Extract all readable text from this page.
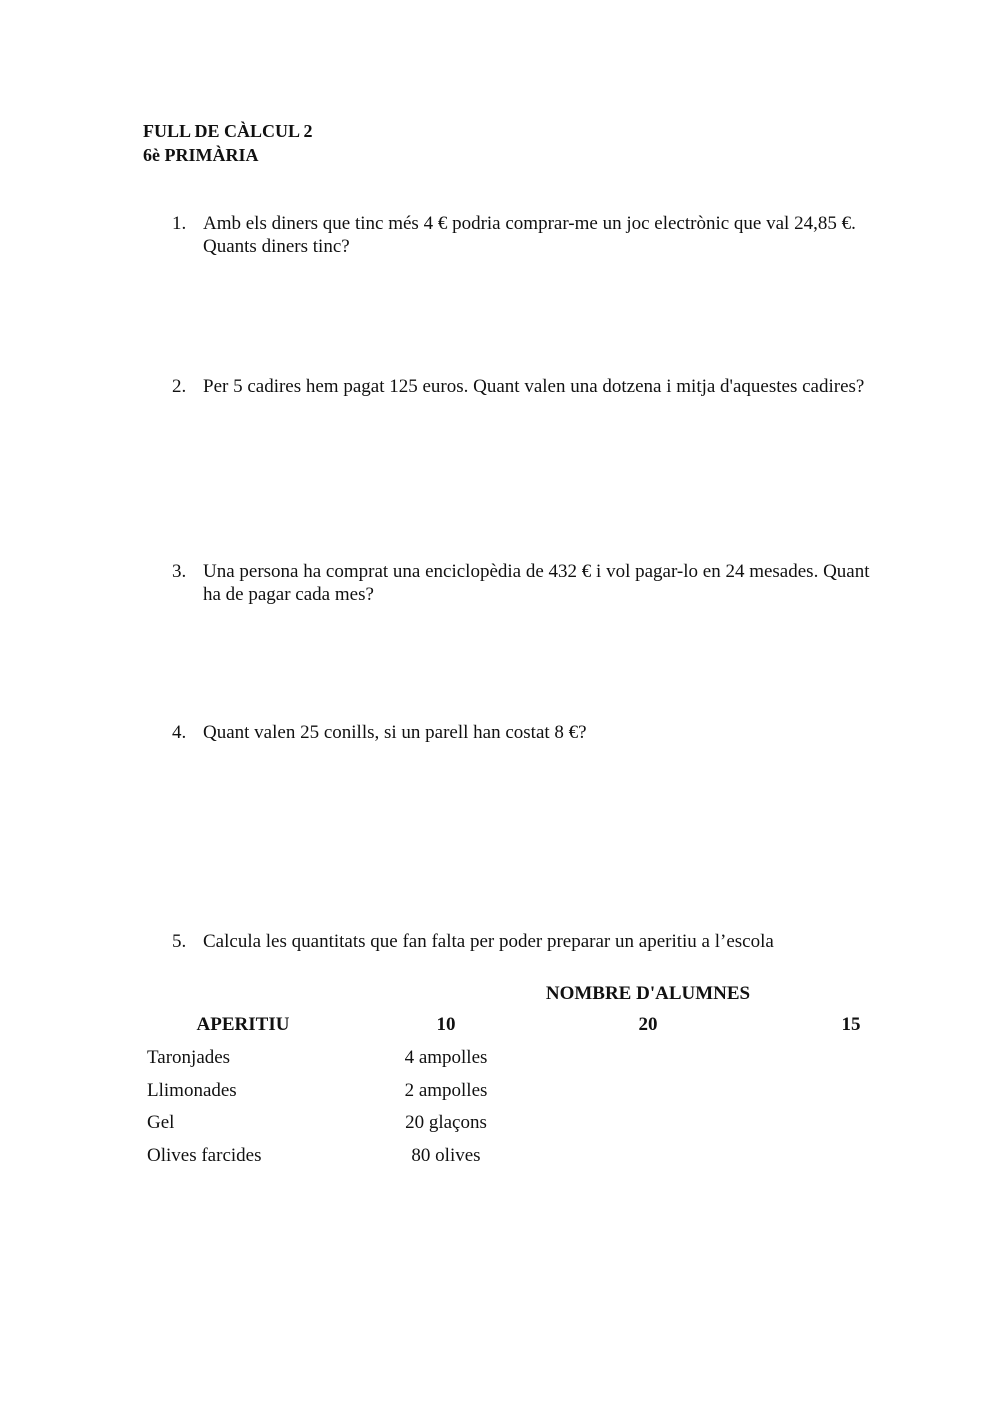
FULL DE CÀLCUL 2
6è PRIMÀRIA
1. Amb els diners que tinc més 4 € podria comprar-me un joc electrònic que val 24,85 €. Quants diners tinc?
2. Per 5 cadires hem pagat 125 euros. Quant valen una dotzena i mitja d'aquestes cadires?
3. Una persona ha comprat una enciclopèdia de 432 € i vol pagar-lo en 24 mesades. Quant ha de pagar cada mes?
4. Quant valen 25 conills, si un parell han costat 8 €?
5. Calcula les quantitats que fan falta per poder preparar un aperitiu a l’escola
NOMBRE D'ALUMNES
APERITIU	10	20	15
Taronjades	4 ampolles
Llimonades	2 ampolles
Gel	20 glaçons
Olives farcides	80 olives
